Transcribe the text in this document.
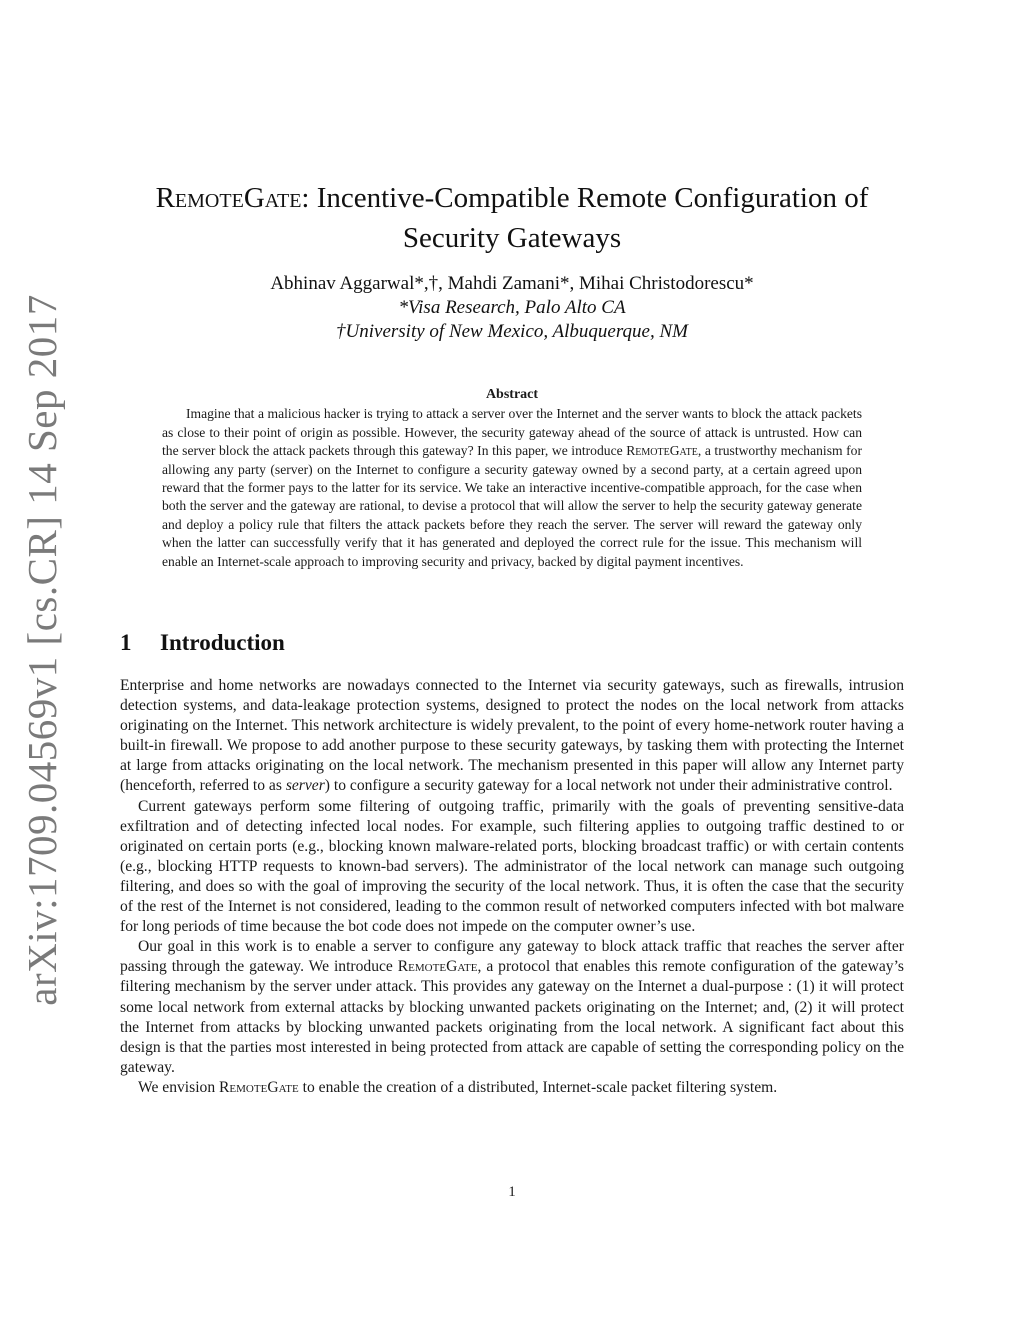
arXiv:1709.04569v1 [cs.CR] 14 Sep 2017
RemoteGate: Incentive-Compatible Remote Configuration of Security Gateways
Abhinav Aggarwal*,†, Mahdi Zamani*, Mihai Christodorescu*
*Visa Research, Palo Alto CA
†University of New Mexico, Albuquerque, NM
Abstract

Imagine that a malicious hacker is trying to attack a server over the Internet and the server wants to block the attack packets as close to their point of origin as possible. However, the security gateway ahead of the source of attack is untrusted. How can the server block the attack packets through this gateway? In this paper, we introduce RemoteGate, a trustworthy mechanism for allowing any party (server) on the Internet to configure a security gateway owned by a second party, at a certain agreed upon reward that the former pays to the latter for its service. We take an interactive incentive-compatible approach, for the case when both the server and the gateway are rational, to devise a protocol that will allow the server to help the security gateway generate and deploy a policy rule that filters the attack packets before they reach the server. The server will reward the gateway only when the latter can successfully verify that it has generated and deployed the correct rule for the issue. This mechanism will enable an Internet-scale approach to improving security and privacy, backed by digital payment incentives.

1 Introduction

Enterprise and home networks are nowadays connected to the Internet via security gateways, such as firewalls, intrusion detection systems, and data-leakage protection systems, designed to protect the nodes on the local network from attacks originating on the Internet. This network architecture is widely prevalent, to the point of every home-network router having a built-in firewall. We propose to add another purpose to these security gateways, by tasking them with protecting the Internet at large from attacks originating on the local network. The mechanism presented in this paper will allow any Internet party (henceforth, referred to as server) to configure a security gateway for a local network not under their administrative control.

Current gateways perform some filtering of outgoing traffic, primarily with the goals of preventing sensitive-data exfiltration and of detecting infected local nodes. For example, such filtering applies to outgoing traffic destined to or originated on certain ports (e.g., blocking known malware-related ports, blocking broadcast traffic) or with certain contents (e.g., blocking HTTP requests to known-bad servers). The administrator of the local network can manage such outgoing filtering, and does so with the goal of improving the security of the local network. Thus, it is often the case that the security of the rest of the Internet is not considered, leading to the common result of networked computers infected with bot malware for long periods of time because the bot code does not impede on the computer owner’s use.

Our goal in this work is to enable a server to configure any gateway to block attack traffic that reaches the server after passing through the gateway. We introduce RemoteGate, a protocol that enables this remote configuration of the gateway’s filtering mechanism by the server under attack. This provides any gateway on the Internet a dual-purpose : (1) it will protect some local network from external attacks by blocking unwanted packets originating on the Internet; and, (2) it will protect the Internet from attacks by blocking unwanted packets originating from the local network. A significant fact about this design is that the parties most interested in being protected from attack are capable of setting the corresponding policy on the gateway.

We envision RemoteGate to enable the creation of a distributed, Internet-scale packet filtering system.

1
